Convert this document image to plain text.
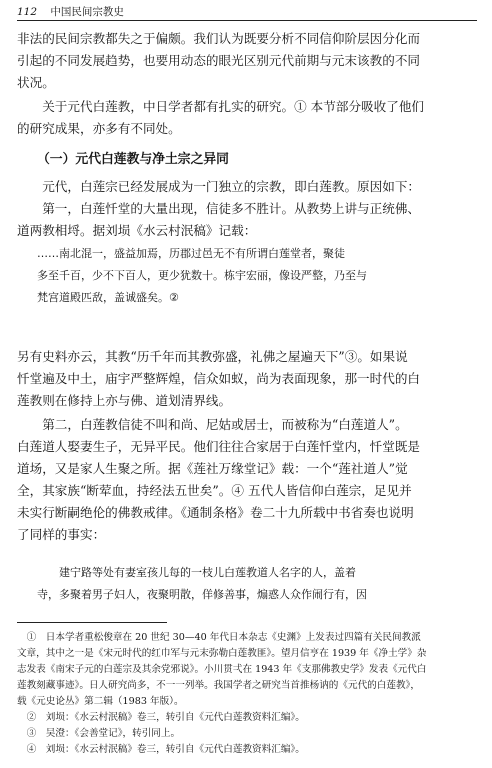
112 中国民间宗教史

非法的民间宗教都失之于偏颇。我们认为既要分析不同信仰阶层因分化而
引起的不同发展趋势，也要用动态的眼光区别元代前期与元末该教的不同
状况。

　　关于元代白莲教，中日学者都有扎实的研究。① 本节部分吸收了他们
的研究成果，亦多有不同处。

（一）元代白莲教与净土宗之异同

　　元代，白莲宗已经发展成为一门独立的宗教，即白莲教。原因如下：
　　第一，白莲忏堂的大量出现，信徒多不胜计。从教势上讲与正统佛、
道两教相埒。据刘埙《水云村泯稿》记载：

……南北混一，盛益加焉，历郡过邑无不有所谓白莲堂者，聚徒
多至千百，少不下百人，更少犹数十。栋宇宏丽，像设严整，乃至与
梵宫道殿匹敌，盖诚盛矣。②

另有史料亦云，其教“历千年而其教弥盛，礼佛之屋遍天下”③。如果说
忏堂遍及中土，庙宇严整辉煌，信众如蚁，尚为表面现象，那一时代的白
莲教则在修持上亦与佛、道划清界线。

　　第二，白莲教信徒不叫和尚、尼姑或居士，而被称为“白莲道人”。
白莲道人娶妻生子，无异平民。他们往往合家居于白莲忏堂内，忏堂既是
道场，又是家人生聚之所。据《莲社万缘堂记》载：一个“莲社道人”觉
全，其家族“断荤血，持经法五世矣”。④ 五代人皆信仰白莲宗，足见并
未实行断嗣绝伦的佛教戒律。《通制条格》卷二十九所载中书省奏也说明
了同样的事实：

　　建宁路等处有妻室孩儿每的一枝儿白莲教道人名字的人，盖着
寺，多聚着男子妇人，夜聚明散，佯修善事，煽惑人众作闹行有，因

　①　日本学者重松俊章在 20 世纪 30—40 年代日本杂志《史渊》上发表过四篇有关民间教派
文章，其中之一是《宋元时代的红巾军与元末弥勒白莲教匪》。望月信亨在 1939 年《净土学》杂
志发表《南宋子元的白莲宗及其余党邪说》。小川贯弌在 1943 年《支那佛教史学》发表《元代白
莲教刻藏事迹》。日人研究尚多，不一一列举。我国学者之研究当首推杨讷的《元代的白莲教》，
载《元史论丛》第二辑（1983 年版）。
　②　刘埙：《水云村泯稿》卷三，转引自《元代白莲教资料汇编》。
　③　吴澄：《会善堂记》，转引同上。
　④　刘埙：《水云村泯稿》卷三，转引自《元代白莲教资料汇编》。
